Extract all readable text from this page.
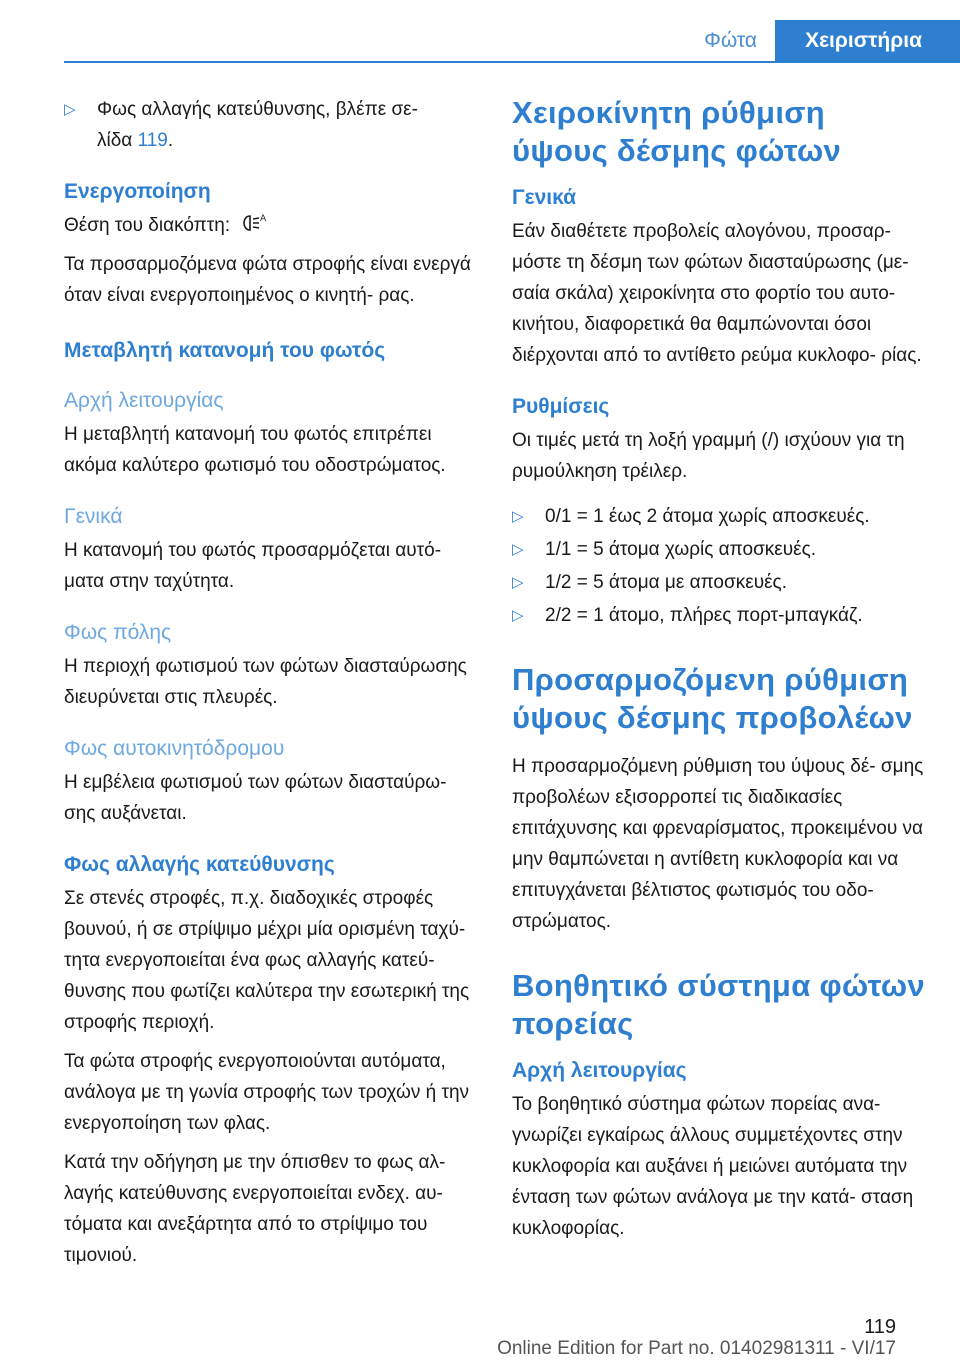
Φώτα	Χειριστήρια
▷	Φως αλλαγής κατεύθυνσης, βλέπε σε‐
λίδα 119.
Ενεργοποίηση
Θέση του διακόπτη:	A
Τα προσαρμοζόμενα φώτα στροφής είναι ενεργά όταν είναι ενεργοποιημένος ο κινητή‐ ρας.
Μεταβλητή κατανομή του φωτός
Αρχή λειτουργίας
Η μεταβλητή κατανομή του φωτός επιτρέπει ακόμα καλύτερο φωτισμό του οδοστρώματος.
Γενικά
Η κατανομή του φωτός προσαρμόζεται αυτό‐ ματα στην ταχύτητα.
Φως πόλης
Η περιοχή φωτισμού των φώτων διασταύρωσης διευρύνεται στις πλευρές.
Φως αυτοκινητόδρομου
Η εμβέλεια φωτισμού των φώτων διασταύρω‐ σης αυξάνεται.
Φως αλλαγής κατεύθυνσης
Σε στενές στροφές, π.χ. διαδοχικές στροφές βουνού, ή σε στρίψιμο μέχρι μία ορισμένη ταχύ‐ τητα ενεργοποιείται ένα φως αλλαγής κατεύ‐ θυνσης που φωτίζει καλύτερα την εσωτερική της στροφής περιοχή.
Τα φώτα στροφής ενεργοποιούνται αυτόματα, ανάλογα με τη γωνία στροφής των τροχών ή την ενεργοποίηση των φλας.
Κατά την οδήγηση με την όπισθεν το φως αλ‐ λαγής κατεύθυνσης ενεργοποιείται ενδεχ. αυ‐ τόματα και ανεξάρτητα από το στρίψιμο του τιμονιού.
Χειροκίνητη ρύθμιση ύψους δέσμης φώτων
Γενικά
Εάν διαθέτετε προβολείς αλογόνου, προσαρ‐ μόστε τη δέσμη των φώτων διασταύρωσης (με‐ σαία σκάλα) χειροκίνητα στο φορτίο του αυτο‐ κινήτου, διαφορετικά θα θαμπώνονται όσοι διέρχονται από το αντίθετο ρεύμα κυκλοφο‐ ρίας.
Ρυθμίσεις
Οι τιμές μετά τη λοξή γραμμή (/) ισχύουν για τη ρυμούλκηση τρέιλερ.
▷	0/1 = 1 έως 2 άτομα χωρίς αποσκευές.
▷	1/1 = 5 άτομα χωρίς αποσκευές.
▷	1/2 = 5 άτομα με αποσκευές.
▷	2/2 = 1 άτομο, πλήρες πορτ-μπαγκάζ.
Προσαρμοζόμενη ρύθμιση ύψους δέσμης προβολέων
Η προσαρμοζόμενη ρύθμιση του ύψους δέ‐ σμης προβολέων εξισορροπεί τις διαδικασίες επιτάχυνσης και φρεναρίσματος, προκειμένου να μην θαμπώνεται η αντίθετη κυκλοφορία και να επιτυγχάνεται βέλτιστος φωτισμός του οδο‐ στρώματος.
Βοηθητικό σύστημα φώτων πορείας
Αρχή λειτουργίας
Το βοηθητικό σύστημα φώτων πορείας ανα‐ γνωρίζει εγκαίρως άλλους συμμετέχοντες στην κυκλοφορία και αυξάνει ή μειώνει αυτόματα την ένταση των φώτων ανάλογα με την κατά‐ σταση κυκλοφορίας.
119
Online Edition for Part no. 01402981311 - VI/17
